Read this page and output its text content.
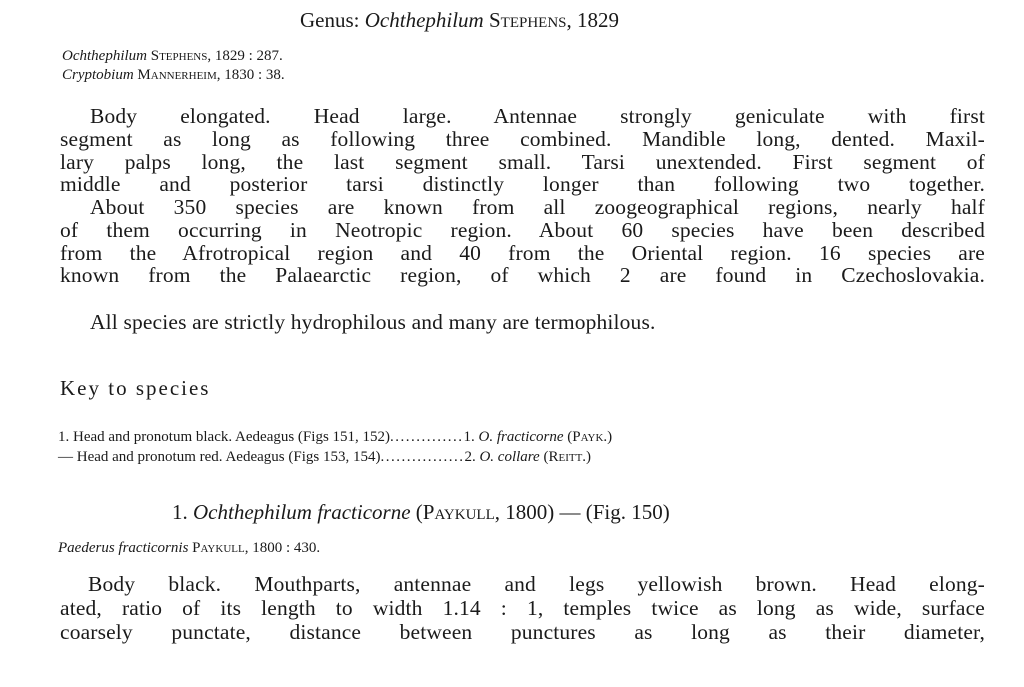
Genus: Ochthephilum Stephens, 1829

Ochthephilum Stephens, 1829 : 287.

Cryptobium Mannerheim, 1830 : 38.

Body elongated. Head large. Antennae strongly geniculate with first

segment as long as following three combined. Mandible long, dented. Maxil-

lary palps long, the last segment small. Tarsi unextended. First segment of

middle and posterior tarsi distinctly longer than following two together.

About 350 species are known from all zoogeographical regions, nearly half

of them occurring in Neotropic region. About 60 species have been described

from the Afrotropical region and 40 from the Oriental region. 16 species are

known from the Palaearctic region, of which 2 are found in Czechoslovakia.

All species are strictly hydrophilous and many are termophilous.

Key to species

1. Head and pronotum black. Aedeagus (Figs 151, 152)..............1. O. fracticorne (Payk.)

— Head and pronotum red. Aedeagus (Figs 153, 154)................2. O. collare (Reitt.)

1. Ochthephilum fracticorne (Paykull, 1800) — (Fig. 150)

Paederus fracticornis Paykull, 1800 : 430.

Body black. Mouthparts, antennae and legs yellowish brown. Head elong-

ated, ratio of its length to width 1.14 : 1, temples twice as long as wide, surface

coarsely punctate, distance between punctures as long as their diameter,
